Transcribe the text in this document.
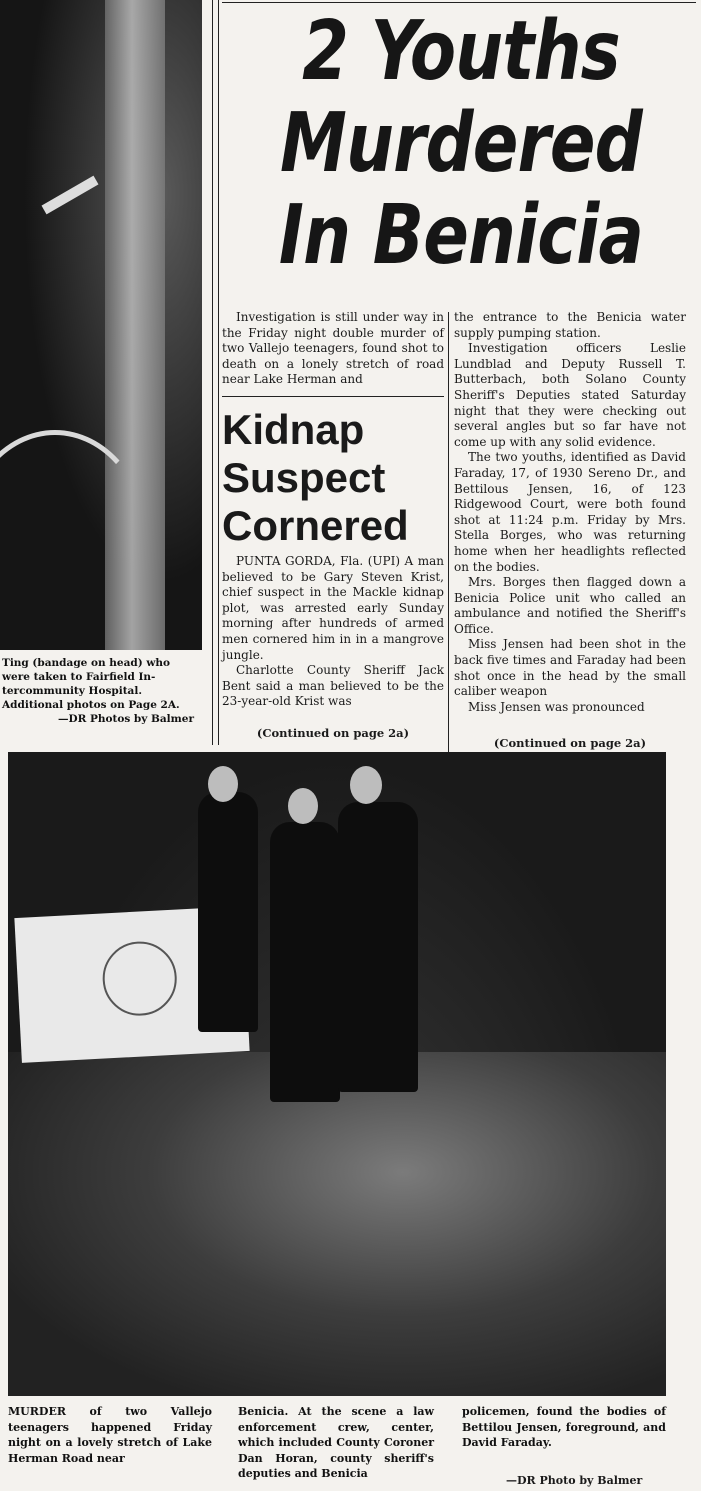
Ting (bandage on head) who

were taken to Fairfield In-

tercommunity Hospital.

Additional photos on Page 2A.

—DR Photos by Balmer

2 Youths
Murdered
In Benicia

Investigation is still under way in the Friday night double murder of two Vallejo teenagers, found shot to death on a lonely stretch of road near Lake Herman and

the entrance to the Benicia water supply pumping station.

Investigation officers Leslie Lundblad and Deputy Russell T. Butterbach, both Solano County Sheriff's Deputies stated Saturday night that they were checking out several angles but so far have not come up with any solid evidence.

The two youths, identified as David Faraday, 17, of 1930 Sereno Dr., and Bettilous Jensen, 16, of 123 Ridgewood Court, were both found shot at 11:24 p.m. Friday by Mrs. Stella Borges, who was returning home when her headlights reflected on the bodies.

Mrs. Borges then flagged down a Benicia Police unit who called an ambulance and notified the Sheriff's Office.

Miss Jensen had been shot in the back five times and Faraday had been shot once in the head by the small caliber weapon

Miss Jensen was pronounced

(Continued on page 2a)
Kidnap
Suspect
Cornered

PUNTA GORDA, Fla. (UPI) A man believed to be Gary Steven Krist, chief suspect in the Mackle kidnap plot, was arrested early Sunday morning after hundreds of armed men cornered him in in a mangrove jungle.

Charlotte County Sheriff Jack Bent said a man believed to be the 23-year-old Krist was

(Continued on page 2a)

MURDER of two Vallejo teenagers happened Friday night on a lovely stretch of Lake Herman Road near

Benicia. At the scene a law enforcement crew, center, which included County Coroner Dan Horan, county sheriff's deputies and Benicia

policemen, found the bodies of Bettilou Jensen, foreground, and David Faraday.

—DR Photo by Balmer
